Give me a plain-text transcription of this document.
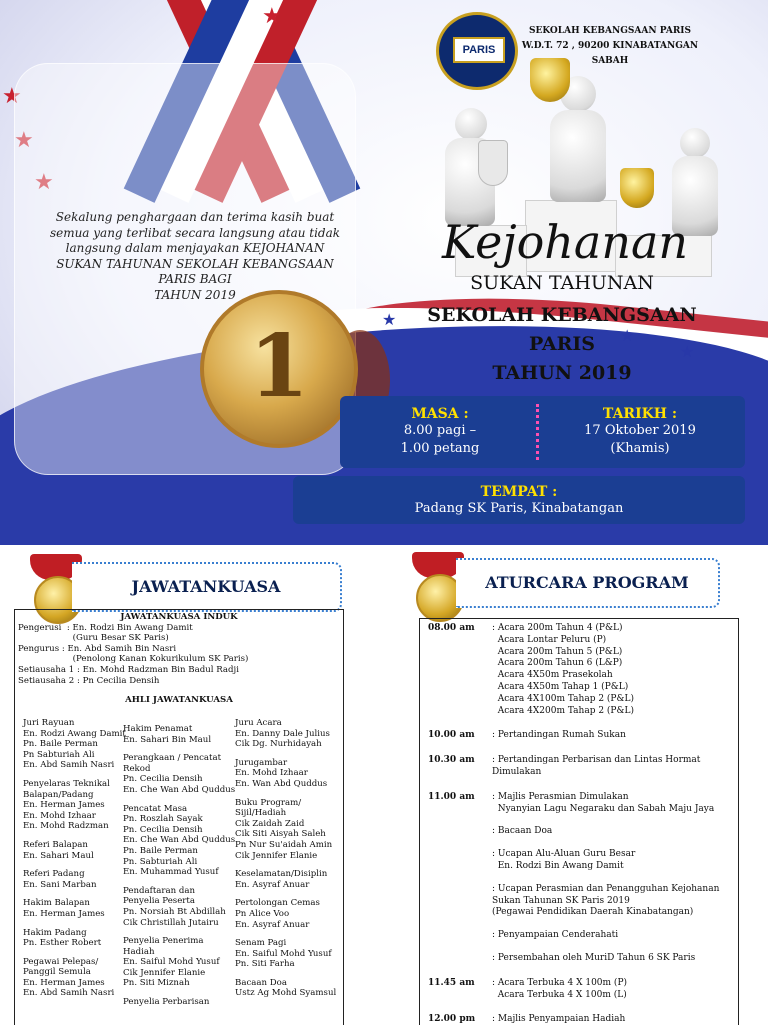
★
★
★
★
★
★
★
Sekalung penghargaan dan terima kasih buat
semua yang terlibat secara langsung atau tidak
langsung dalam menjayakan KEJOHANAN
SUKAN TAHUNAN SEKOLAH KEBANGSAAN
PARIS BAGI
TAHUN 2019
1
PARIS
SEKOLAH KEBANGSAAN PARIS
W.D.T. 72 , 90200 KINABATANGAN
SABAH
Kejohanan
SUKAN TAHUNAN
SEKOLAH KEBANGSAAN
PARIS
TAHUN 2019
MASA :
8.00 pagi –
1.00 petang
TARIKH :
17 Oktober 2019
(Khamis)
TEMPAT :
Padang SK Paris, Kinabatangan
JAWATANKUASA	ATURCARA PROGRAM
JAWATANKUASA INDUK
Pengerusi  : En. Rodzi Bin Awang Damit
(Guru Besar SK Paris)
Pengurus : En. Abd Samih Bin Nasri
(Penolong Kanan Kokurikulum SK Paris)
Setiausaha 1 : En. Mohd Radzman Bin Badul Radji
Setiausaha 2 : Pn Cecilia Densih
AHLI JAWATANKUASA
Juri Rayuan
En. Rodzi Awang Damit
Pn. Baile Perman
Pn Sabturiah Ali
En. Abd Samih Nasri
Penyelaras Teknikal
Balapan/Padang
En. Herman James
En. Mohd Izhaar
En. Mohd Radzman
Referi Balapan
En. Sahari Maul
Referi Padang
En. Sani Marban
Hakim Balapan
En. Herman James
Hakim Padang
Pn. Esther Robert
Pegawai Pelepas/
Panggil Semula
En. Herman James
En. Abd Samih Nasri
Hakim Penamat
En. Sahari Bin Maul
Perangkaan / Pencatat
Rekod
Pn. Cecilia Densih
En. Che Wan Abd Quddus
Pencatat Masa
Pn. Roszlah Sayak
Pn. Cecilia Densih
En. Che Wan Abd Quddus
Pn. Baile Perman
Pn. Sabturiah Ali
En. Muhammad Yusuf
Pendaftaran dan
Penyelia Peserta
Pn. Norsiah Bt Abdillah
Cik Christillah Jutairu
Penyelia Penerima
Hadiah
En. Saiful Mohd Yusuf
Cik Jennifer Elanie
Pn. Siti Miznah
Penyelia Perbarisan
Juru Acara
En. Danny Dale Julius
Cik Dg. Nurhidayah
Jurugambar
En. Mohd Izhaar
En. Wan Abd Quddus
Buku Program/
Sijil/Hadiah
Cik Zaidah Zaid
Cik Siti Aisyah Saleh
Pn Nur Su'aidah Amin
Cik Jennifer Elanie
Keselamatan/Disiplin
En. Asyraf Anuar
Pertolongan Cemas
Pn Alice Voo
En. Asyraf Anuar
Senam Pagi
En. Saiful Mohd Yusuf
Pn. Siti Farha
Bacaan Doa
Ustz Ag Mohd Syamsul
08.00 am : Acara 200m Tahun 4 (P&L)
Acara Lontar Peluru (P)
Acara 200m Tahun 5 (P&L)
Acara 200m Tahun 6 (L&P)
Acara 4X50m Prasekolah
Acara 4X50m Tahap 1 (P&L)
Acara 4X100m Tahap 2 (P&L)
Acara 4X200m Tahap 2 (P&L)
10.00 am : Pertandingan Rumah Sukan
10.30 am : Pertandingan Perbarisan dan Lintas Hormat
Dimulakan
11.00 am : Majlis Perasmian Dimulakan
Nyanyian Lagu Negaraku dan Sabah Maju Jaya
: Bacaan Doa
: Ucapan Alu-Aluan Guru Besar
En. Rodzi Bin Awang Damit
: Ucapan Perasmian dan Penangguhan Kejohanan
Sukan Tahunan SK Paris 2019
(Pegawai Pendidikan Daerah Kinabatangan)
: Penyampaian Cenderahati
: Persembahan oleh MuriD Tahun 6 SK Paris
11.45 am : Acara Terbuka 4 X 100m (P)
Acara Terbuka 4 X 100m (L)
12.00 pm : Majlis Penyampaian Hadiah
